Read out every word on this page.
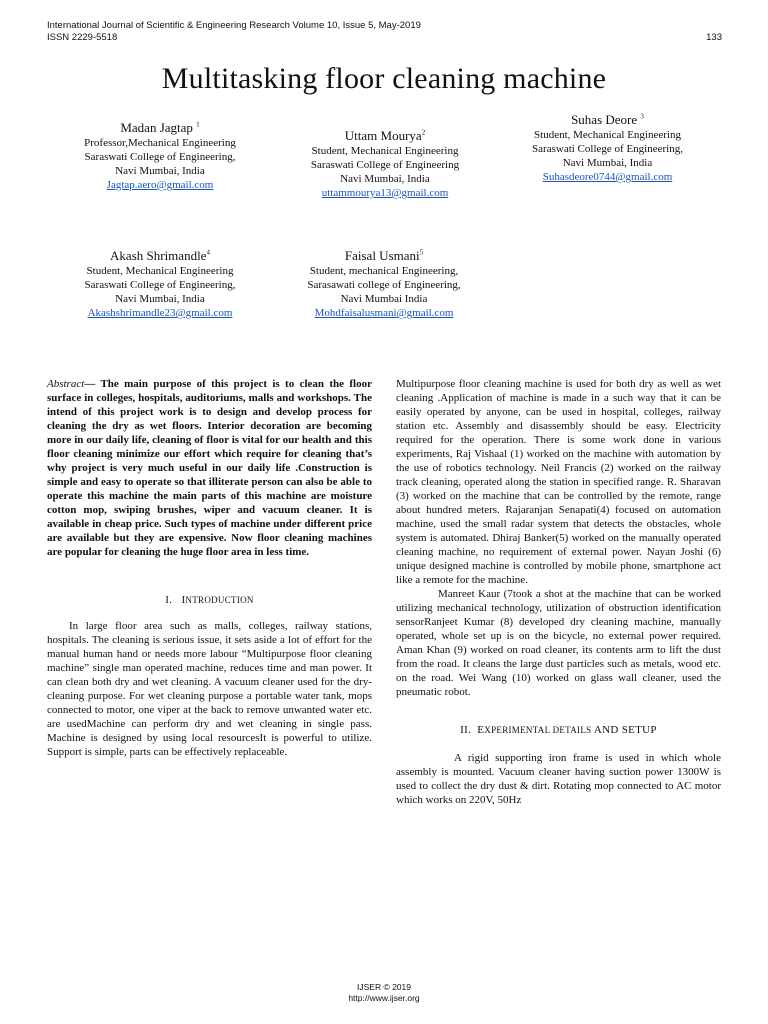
International Journal of Scientific & Engineering Research Volume 10, Issue 5, May-2019
ISSN 2229-5518	133
Multitasking floor cleaning machine
Madan Jagtap $^1$
Professor,Mechanical Engineering
Saraswati College of Engineering,
Navi Mumbai, India
Jagtap.aero@gmail.com
Uttam Mourya$^2$
Student, Mechanical Engineering
Saraswati College of Engineering
Navi Mumbai, India
uttammourya13@gmail.com
Suhas Deore $^3$
Student, Mechanical Engineering
Saraswati College of Engineering,
Navi Mumbai, India
Suhasdeore0744@gmail.com
Akash Shrimandle$^4$
Student, Mechanical Engineering
Saraswati College of Engineering,
Navi Mumbai, India
Akashshrimandle23@gmail.com
Faisal Usmani$^5$
Student, mechanical Engineering,
Sarasawati college of Engineering,
Navi Mumbai India
Mohdfaisalusmani@gmail.com

Abstract— The main purpose of this project is to clean the floor surface in colleges, hospitals, auditoriums, malls and workshops. The intend of this project work is to design and develop process for cleaning the dry as wet floors. Interior decoration are becoming more in our daily life, cleaning of floor is vital for our health and this floor cleaning minimize our effort which require for cleaning that’s why project is very much useful in our daily life .Construction is simple and easy to operate so that illiterate person can also be able to operate this machine the main parts of this machine are moisture cotton mop, swiping brushes, wiper and vacuum cleaner. It is available in cheap price. Such types of machine under different price are available but they are expensive. Now floor cleaning machines are popular for cleaning the huge floor area in less time.

I. INTRODUCTION

In large floor area such as malls, colleges, railway stations, hospitals. The cleaning is serious issue, it sets aside a lot of effort for the manual human hand or needs more labour “Multipurpose floor cleaning machine” single man operated machine, reduces time and man power. It can clean both dry and wet cleaning. A vacuum cleaner used for the dry-cleaning purpose. For wet cleaning purpose a portable water tank, mops connected to motor, one viper at the back to remove unwanted water etc. are usedMachine can perform dry and wet cleaning in single pass. Machine is designed by using local resourcesIt is powerful to utilize. Support is simple, parts can be effectively replaceable.

Multipurpose floor cleaning machine is used for both dry as well as wet cleaning .Application of machine is made in a such way that it can be easily operated by anyone, can be used in hospital, colleges, railway station etc. Assembly and disassembly should be easy. Electricity required for the operation. There is some work done in various experiments, Raj Vishaal (1) worked on the machine with automation by the use of robotics technology. Neil Francis (2) worked on the railway track cleaning, operated along the station in specified range. R. Sharavan (3) worked on the machine that can be controlled by the remote, range about hundred meters. Rajaranjan Senapati(4) focused on automation machine, used the small radar system that detects the obstacles, whole system is automated. Dhiraj Banker(5) worked on the manually operated cleaning machine, no requirement of external power. Nayan Joshi (6) unique designed machine is controlled by mobile phone, smartphone act like a remote for the machine.

Manreet Kaur (7took a shot at the machine that can be worked utilizing mechanical technology, utilization of obstruction identification sensorRanjeet Kumar (8) developed dry cleaning machine, manually operated, whole set up is on the bicycle, no external power required. Aman Khan (9) worked on road cleaner, its contents arm to lift the dust from the road. It cleans the large dust particles such as metals, wood etc. on the road. Wei Wang (10) worked on glass wall cleaner, used the pneumatic robot.

II. EXPERIMENTAL DETAILS AND SETUP

A rigid supporting iron frame is used in which whole assembly is mounted. Vacuum cleaner having suction power 1300W is used to collect the dry dust & dirt. Rotating mop connected to AC motor which works on 220V, 50Hz

IJSER © 2019
http://www.ijser.org
